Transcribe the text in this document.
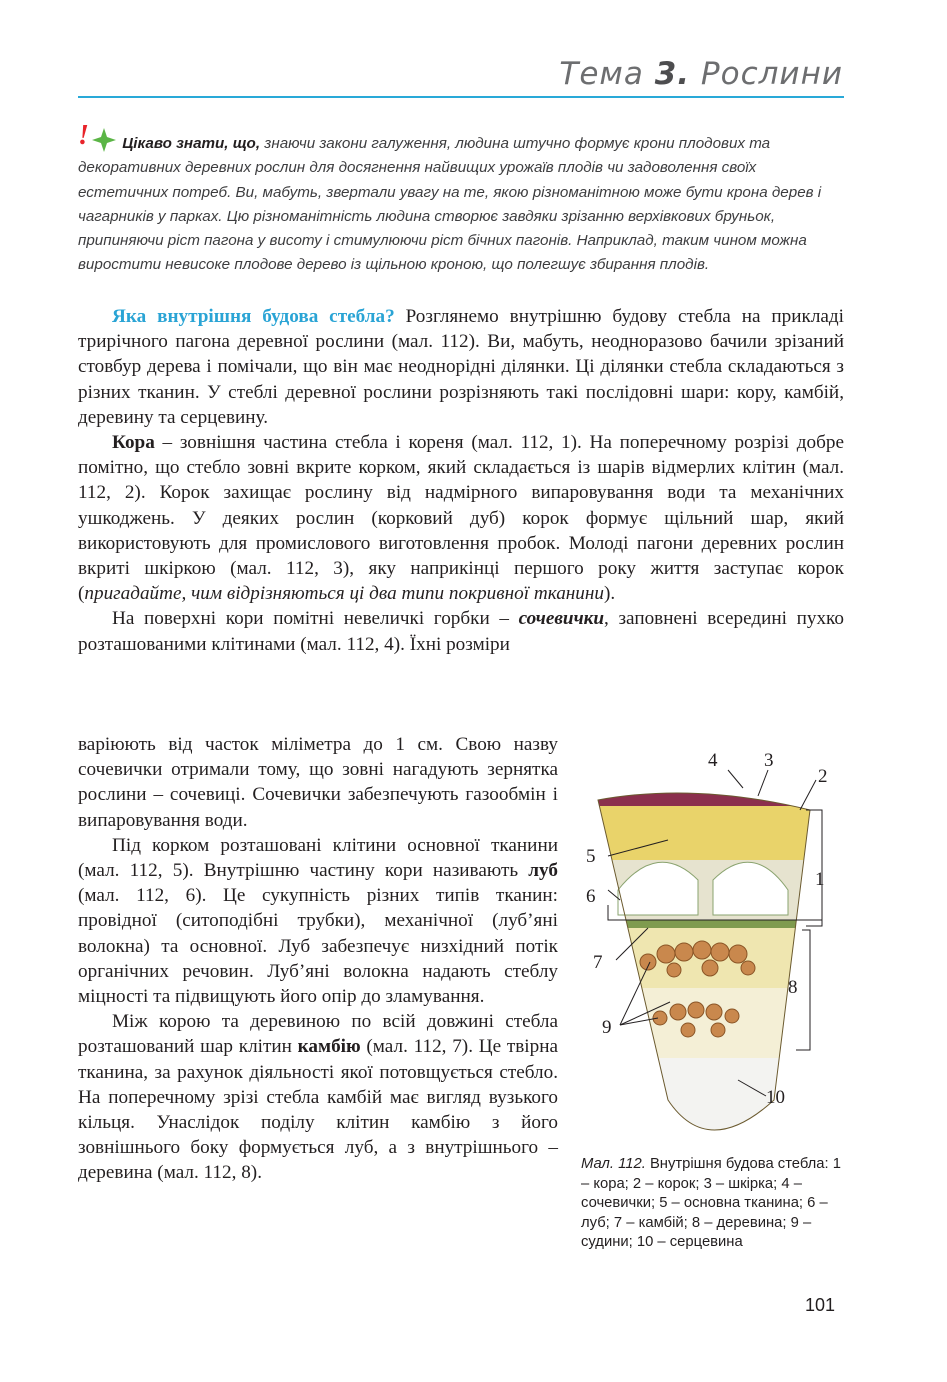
Тема 3. Рослини
! Цікаво знати, що, знаючи закони галуження, людина штучно формує крони плодових та декоративних деревних рослин для досягнення найвищих урожаїв плодів чи задоволення своїх естетичних потреб. Ви, мабуть, звертали увагу на те, якою різноманітною може бути крона дерев і чагарників у парках. Цю різноманітність людина створює завдяки зрізанню верхівкових бруньок, припиняючи ріст пагона у висоту і стимулюючи ріст бічних пагонів. Наприклад, таким чином можна виростити невисоке плодове дерево із щільною кроною, що полегшує збирання плодів.

Яка внутрішня будова стебла? Розглянемо внутрішню будову стебла на прикладі трирічного пагона деревної рослини (мал. 112). Ви, мабуть, неодноразово бачили зрізаний стовбур дерева і помічали, що він має неоднорідні ділянки. Ці ділянки стебла складаються з різних тканин. У стеблі деревної рослини розрізняють такі послідовні шари: кору, камбій, деревину та серцевину.

Кора – зовнішня частина стебла і кореня (мал. 112, 1). На поперечному розрізі добре помітно, що стебло зовні вкрите корком, який складається із шарів відмерлих клітин (мал. 112, 2). Корок захищає рослину від надмірного випаровування води та механічних ушкоджень. У деяких рослин (корковий дуб) корок формує щільний шар, який використовують для промислового виготовлення пробок. Молоді пагони деревних рослин вкриті шкіркою (мал. 112, 3), яку наприкінці першого року життя заступає корок (пригадайте, чим відрізняються ці два типи покривної тканини).

На поверхні кори помітні невеличкі горбки – сочевички, заповнені всередині пухко розташованими клітинами (мал. 112, 4). Їхні розміри

варіюють від часток міліметра до 1 см. Свою назву сочевички отримали тому, що зовні нагадують зернятка рослини – сочевиці. Сочевички забезпечують газообмін і випаровування води.

Під корком розташовані клітини основної тканини (мал. 112, 5). Внутрішню частину кори називають луб (мал. 112, 6). Це сукупність різних типів тканин: провідної (ситоподібні трубки), механічної (луб’яні волокна) та основної. Луб забезпечує низхідний потік органічних речовин. Луб’яні волокна надають стеблу міцності та підвищують його опір до зламування.

Між корою та деревиною по всій довжині стебла розташований шар клітин камбію (мал. 112, 7). Це твірна тканина, за рахунок діяльності якої потовщується стебло. На поперечному зрізі стебла камбій має вигляд вузького кільця. Унаслідок поділу клітин камбію з його зовнішнього боку формується луб, а з внутрішнього – деревина (мал. 112, 8).

4 3
2
5
1
6
7
8
9
10
Мал. 112. Внутрішня будова стебла: 1 – кора; 2 – корок; 3 – шкірка; 4 – сочевички; 5 – основна тканина; 6 – луб; 7 – камбій; 8 – деревина; 9 – судини; 10 – серцевина
101
